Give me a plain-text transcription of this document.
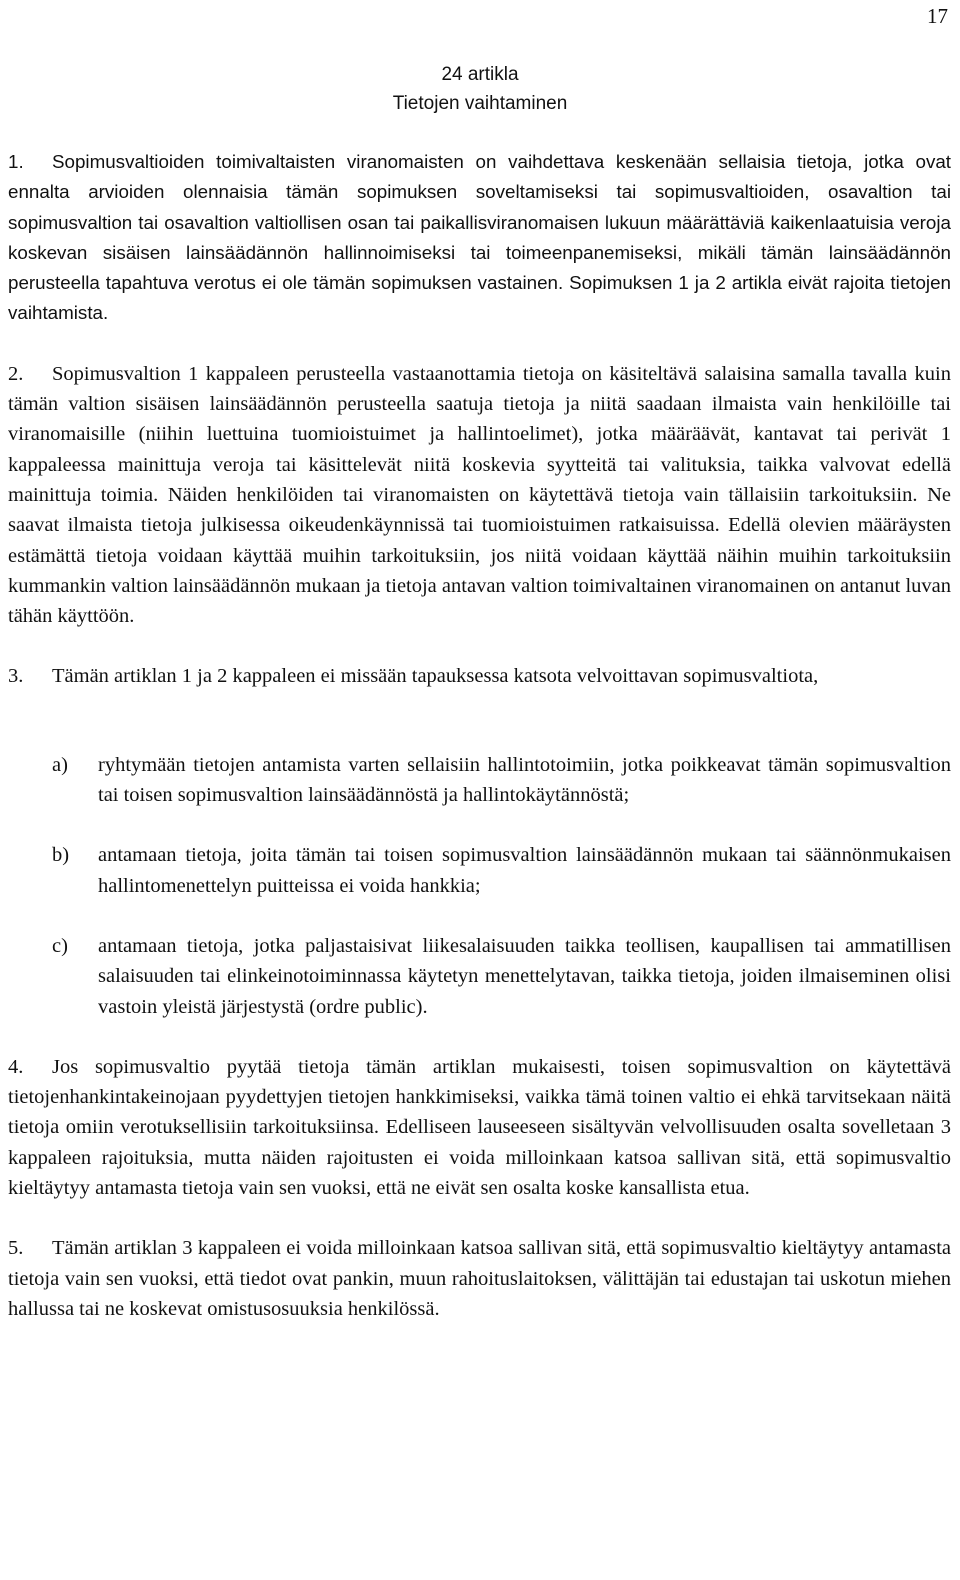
17
24 artikla
Tietojen vaihtaminen

1. Sopimusvaltioiden toimivaltaisten viranomaisten on vaihdettava keskenään sellaisia tietoja, jotka ovat ennalta arvioiden olennaisia tämän sopimuksen soveltamiseksi tai sopimusvaltioiden, osavaltion tai sopimusvaltion tai osavaltion valtiollisen osan tai paikallisviranomaisen lukuun määrättäviä kaikenlaatuisia veroja koskevan sisäisen lainsäädännön hallinnoimiseksi tai toimeenpanemiseksi, mikäli tämän lainsäädännön perusteella tapahtuva verotus ei ole tämän sopimuksen vastainen. Sopimuksen 1 ja 2 artikla eivät rajoita tietojen vaihtamista.

2. Sopimusvaltion 1 kappaleen perusteella vastaanottamia tietoja on käsiteltävä salaisina samalla tavalla kuin tämän valtion sisäisen lainsäädännön perusteella saatuja tietoja ja niitä saadaan ilmaista vain henkilöille tai viranomaisille (niihin luettuina tuomioistuimet ja hallintoelimet), jotka määräävät, kantavat tai perivät 1 kappaleessa mainittuja veroja tai käsittelevät niitä koskevia syytteitä tai valituksia, taikka valvovat edellä mainittuja toimia. Näiden henkilöiden tai viranomaisten on käytettävä tietoja vain tällaisiin tarkoituksiin. Ne saavat ilmaista tietoja julkisessa oikeudenkäynnissä tai tuomioistuimen ratkaisuissa. Edellä olevien määräysten estämättä tietoja voidaan käyttää muihin tarkoituksiin, jos niitä voidaan käyttää näihin muihin tarkoituksiin kummankin valtion lainsäädännön mukaan ja tietoja antavan valtion toimivaltainen viranomainen on antanut luvan tähän käyttöön.

3. Tämän artiklan 1 ja 2 kappaleen ei missään tapauksessa katsota velvoittavan sopimusvaltiota,

a)	ryhtymään tietojen antamista varten sellaisiin hallintotoimiin, jotka poikkeavat tämän sopimusvaltion tai toisen sopimusvaltion lainsäädännöstä ja hallintokäytännöstä;
b)	antamaan tietoja, joita tämän tai toisen sopimusvaltion lainsäädännön mukaan tai säännönmukaisen hallintomenettelyn puitteissa ei voida hankkia;
c)	antamaan tietoja, jotka paljastaisivat liikesalaisuuden taikka teollisen, kaupallisen tai ammatillisen salaisuuden tai elinkeinotoiminnassa käytetyn menettelytavan, taikka tietoja, joiden ilmaiseminen olisi vastoin yleistä järjestystä (ordre public).

4. Jos sopimusvaltio pyytää tietoja tämän artiklan mukaisesti, toisen sopimusvaltion on käytettävä tietojenhankintakeinojaan pyydettyjen tietojen hankkimiseksi, vaikka tämä toinen valtio ei ehkä tarvitsekaan näitä tietoja omiin verotuksellisiin tarkoituksiinsa. Edelliseen lauseeseen sisältyvän velvollisuuden osalta sovelletaan 3 kappaleen rajoituksia, mutta näiden rajoitusten ei voida milloinkaan katsoa sallivan sitä, että sopimusvaltio kieltäytyy antamasta tietoja vain sen vuoksi, että ne eivät sen osalta koske kansallista etua.

5. Tämän artiklan 3 kappaleen ei voida milloinkaan katsoa sallivan sitä, että sopimusvaltio kieltäytyy antamasta tietoja vain sen vuoksi, että tiedot ovat pankin, muun rahoituslaitoksen, välittäjän tai edustajan tai uskotun miehen hallussa tai ne koskevat omistusosuuksia henkilössä.
